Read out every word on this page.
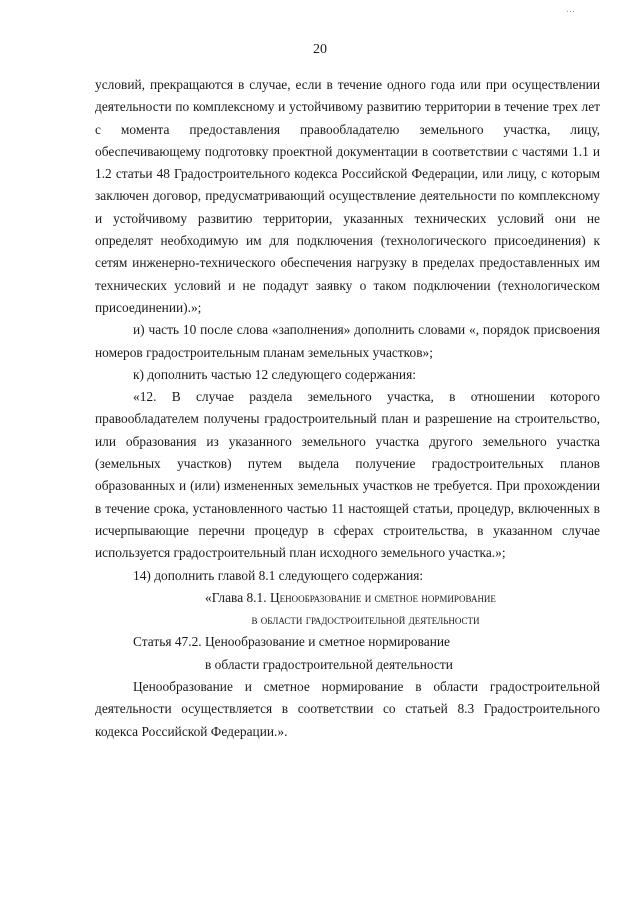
…
20

условий, прекращаются в случае, если в течение одного года или при осуществлении деятельности по комплексному и устойчивому развитию территории в течение трех лет с момента предоставления правообладателю земельного участка, лицу, обеспечивающему подготовку проектной документации в соответствии с частями 1.1 и 1.2 статьи 48 Градостроительного кодекса Российской Федерации, или лицу, с которым заключен договор, предусматривающий осуществление деятельности по комплексному и устойчивому развитию территории, указанных технических условий они не определят необходимую им для подключения (технологического присоединения) к сетям инженерно-технического обеспечения нагрузку в пределах предоставленных им технических условий и не подадут заявку о таком подключении (технологическом присоединении).»;

и) часть 10 после слова «заполнения» дополнить словами «, порядок присвоения номеров градостроительным планам земельных участков»;

к) дополнить частью 12 следующего содержания:

«12. В случае раздела земельного участка, в отношении которого правообладателем получены градостроительный план и разрешение на строительство, или образования из указанного земельного участка другого земельного участка (земельных участков) путем выдела получение градостроительных планов образованных и (или) измененных земельных участков не требуется. При прохождении в течение срока, установленного частью 11 настоящей статьи, процедур, включенных в исчерпывающие перечни процедур в сферах строительства, в указанном случае используется градостроительный план исходного земельного участка.»;

14) дополнить главой 8.1 следующего содержания:

«Глава 8.1. Ценообразование и сметное нормирование

в области градостроительной деятельности

Статья 47.2. Ценообразование и сметное нормирование

в области градостроительной деятельности

Ценообразование и сметное нормирование в области градостроительной деятельности осуществляется в соответствии со статьей 8.3 Градостроительного кодекса Российской Федерации.».
